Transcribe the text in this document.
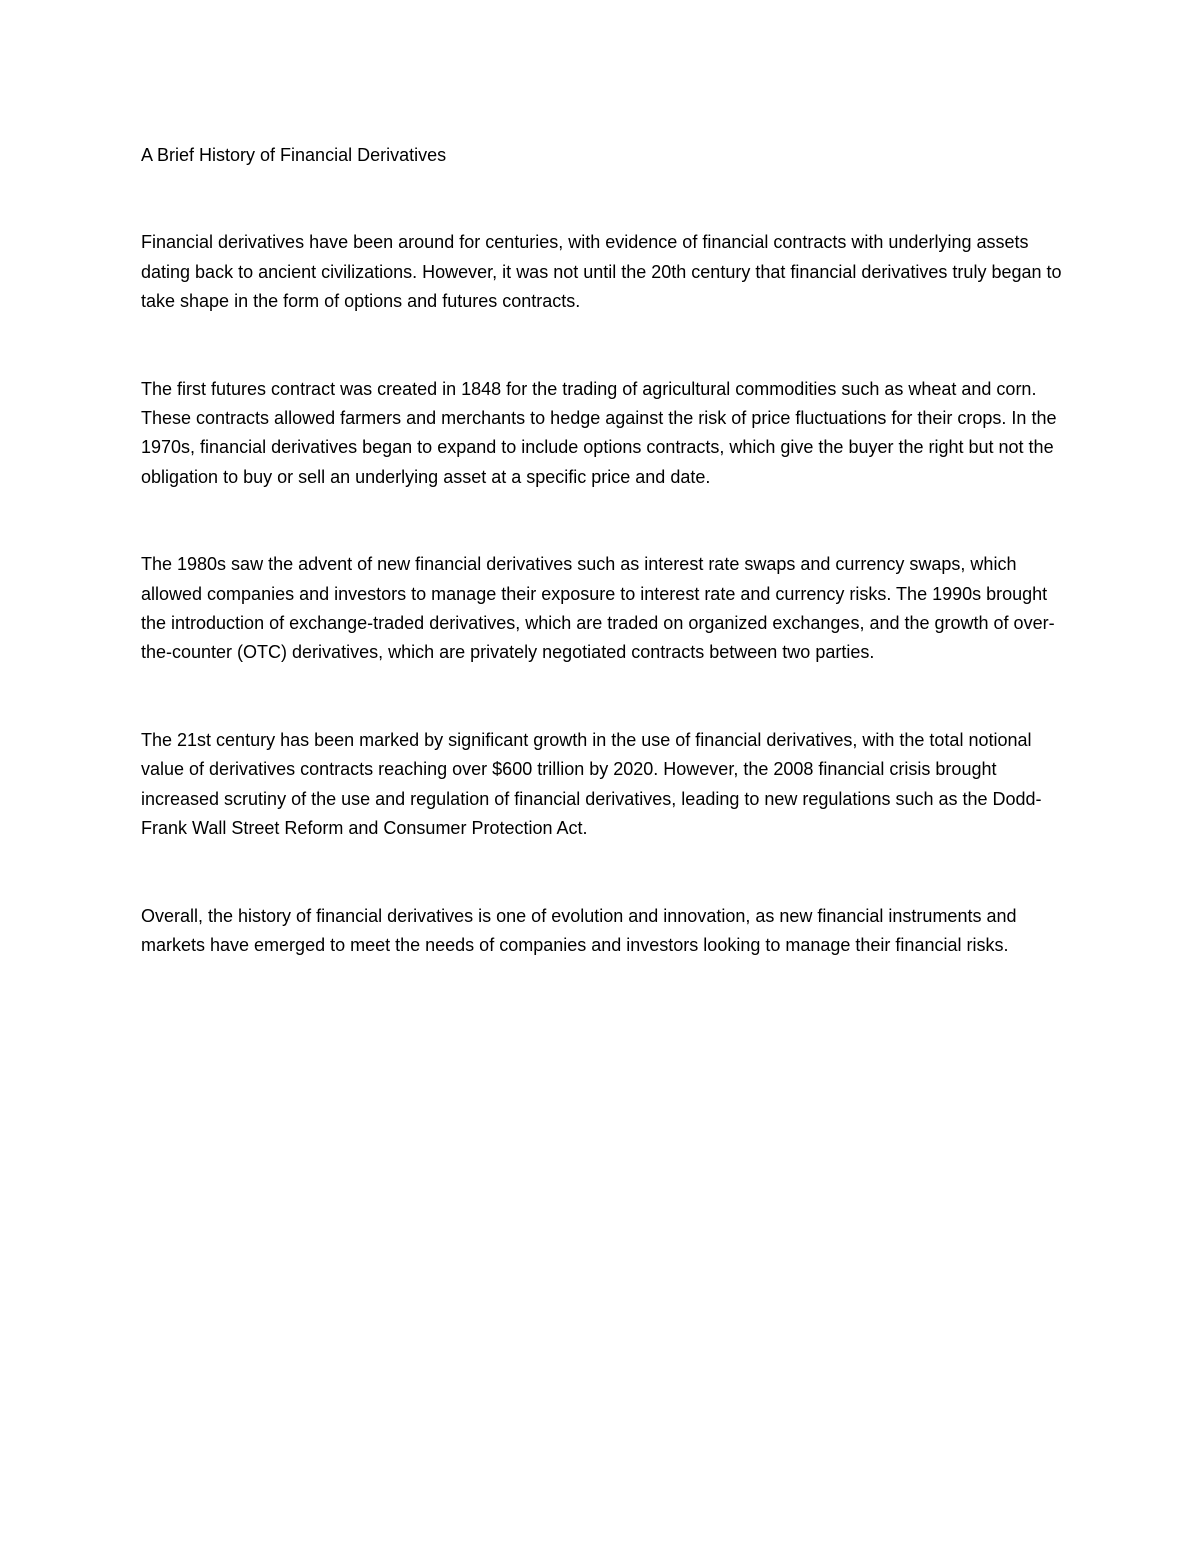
A Brief History of Financial Derivatives

Financial derivatives have been around for centuries, with evidence of financial contracts with underlying assets dating back to ancient civilizations. However, it was not until the 20th century that financial derivatives truly began to take shape in the form of options and futures contracts.

The first futures contract was created in 1848 for the trading of agricultural commodities such as wheat and corn. These contracts allowed farmers and merchants to hedge against the risk of price fluctuations for their crops. In the 1970s, financial derivatives began to expand to include options contracts, which give the buyer the right but not the obligation to buy or sell an underlying asset at a specific price and date.

The 1980s saw the advent of new financial derivatives such as interest rate swaps and currency swaps, which allowed companies and investors to manage their exposure to interest rate and currency risks. The 1990s brought the introduction of exchange-traded derivatives, which are traded on organized exchanges, and the growth of over-the-counter (OTC) derivatives, which are privately negotiated contracts between two parties.

The 21st century has been marked by significant growth in the use of financial derivatives, with the total notional value of derivatives contracts reaching over $600 trillion by 2020. However, the 2008 financial crisis brought increased scrutiny of the use and regulation of financial derivatives, leading to new regulations such as the Dodd-Frank Wall Street Reform and Consumer Protection Act.

Overall, the history of financial derivatives is one of evolution and innovation, as new financial instruments and markets have emerged to meet the needs of companies and investors looking to manage their financial risks.
